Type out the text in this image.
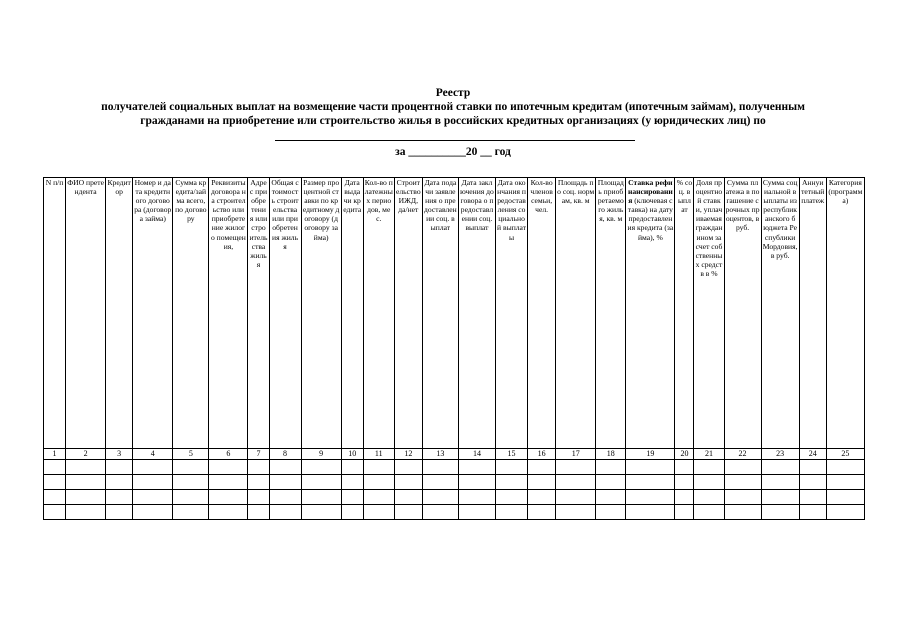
Реестр
получателей социальных выплат на возмещение части процентной ставки по ипотечным кредитам (ипотечным займам), полученным
гражданами на приобретение или строительство жилья в российских кредитных организациях (у юридических лиц) по
за __________20 __ год
N п/п	ФИО претендента	Кредитор	Номер и дата кредитного договора (договора займа)	Сумма кредита/займа всего, по договору	Реквизиты договора на строительство или приобретение жилого помещения,	Адрес приобретения или строительства жилья	Общая стоимость строительства или приобретения жилья	Размер процентной ставки по кредитному договору (договору займа)	Дата выдачи кредита	Кол-во платежных периодов, мес.	Строительство ИЖД, да/нет	Дата подачи заявления о предоставлении соц. выплат	Дата заключения договора о предоставлении соц. выплат	Дата окончания предоставления социальной выплаты	Кол-во членов семьи, чел.	Площадь по соц. нормам, кв. м	Площадь приобретаемого жилья, кв. м	Ставка рефинансирования (ключевая ставка) на дату предоставления кредита (займа), %	% соц. выплат	Доля процентной ставки, уплачиваемая гражданином за счет собственных средств в %	Сумма платежа в погашение срочных процентов, в руб.	Сумма социальной выплаты из республиканского бюджета Республики Мордовия, в руб.	Аннуитетный платеж	Категория (программа)
1	2	3	4	5	6	7	8	9	10	11	12	13	14	15	16	17	18	19	20	21	22	23	24	25
